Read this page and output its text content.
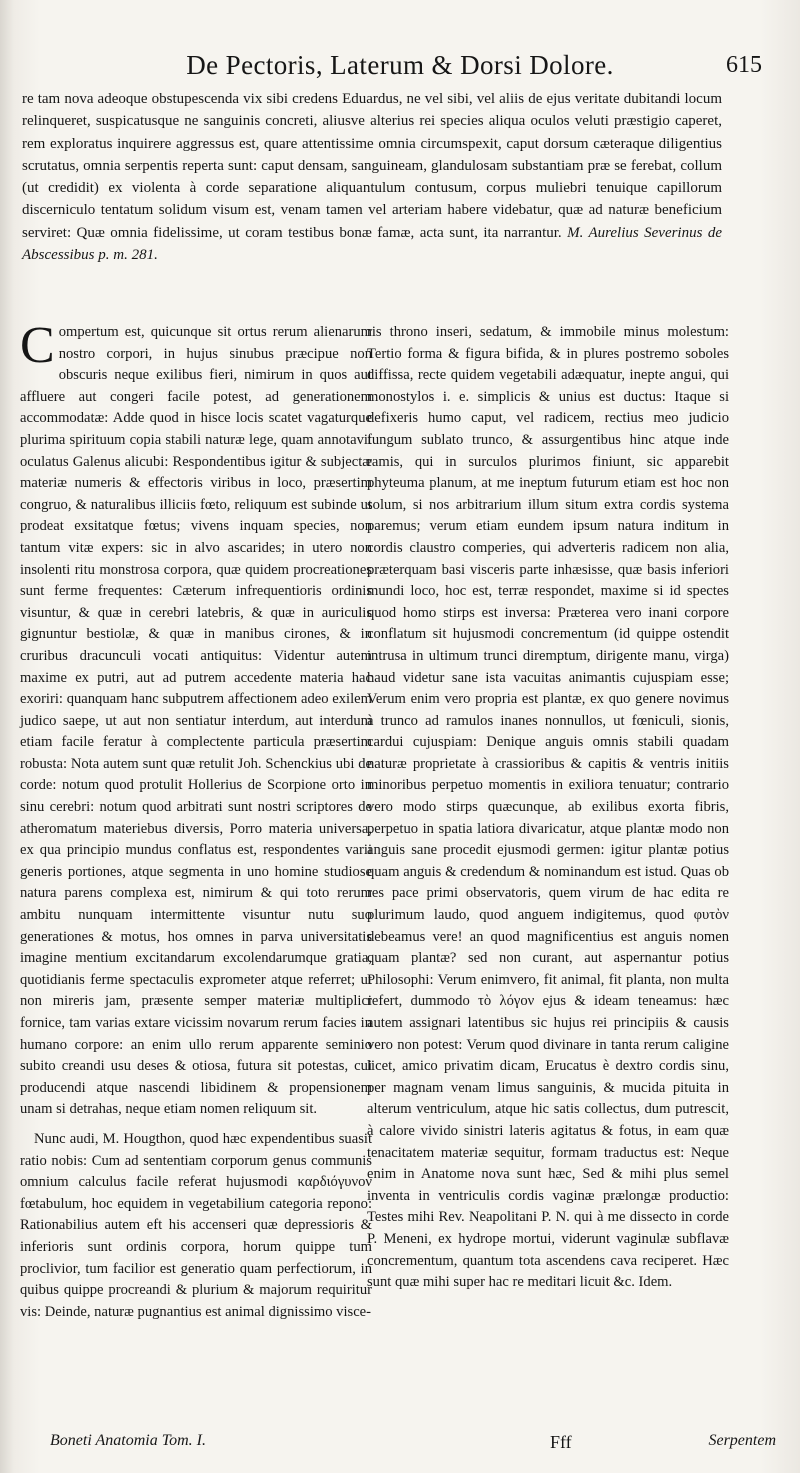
De Pectoris, Laterum & Dorsi Dolore.	615

re tam nova adeoque obstupescenda vix sibi credens Eduardus, ne vel sibi, vel aliis de ejus veritate dubitandi locum relinqueret, suspicatusque ne sanguinis concreti, aliusve alterius rei species aliqua oculos veluti præstigio caperet, rem exploratus inquirere aggressus est, quare attentissime omnia circumspexit, caput dorsum cæteraque diligentius scrutatus, omnia serpentis reperta sunt: caput densam, sanguineam, glandulosam substantiam præ se ferebat, collum (ut credidit) ex violenta à corde separatione aliquantulum contusum, corpus muliebri tenuique capillorum discerniculo tentatum solidum visum est, venam tamen vel arteriam habere videbatur, quæ ad naturæ beneficium serviret: Quæ omnia fidelissime, ut coram testibus bonæ famæ, acta sunt, ita narrantur. M. Aurelius Severinus de Abscessibus p. m. 281.

Compertum est, quicunque sit ortus rerum alienarum nostro corpori, in hujus sinubus præcipue non obscuris neque exilibus fieri, nimirum in quos aut affluere aut congeri facile potest, ad generationem accommodatæ: Adde quod in hisce locis scatet vagaturque plurima spirituum copia stabili naturæ lege, quam annotavit oculatus Galenus alicubi: Respondentibus igitur & subjectæ materiæ numeris & effectoris viribus in loco, præsertim congruo, & naturalibus illiciis fœto, reliquum est subinde ut prodeat exsitatque fœtus; vivens inquam species, non tantum vitæ expers: sic in alvo ascarides; in utero non insolenti ritu monstrosa corpora, quæ quidem procreationes sunt ferme frequentes: Cæterum infrequentioris ordinis visuntur, & quæ in cerebri latebris, & quæ in auriculis gignuntur bestiolæ, & quæ in manibus cirones, & in cruribus dracunculi vocati antiquitus: Videntur autem maxime ex putri, aut ad putrem accedente materia hac exoriri: quanquam hanc subputrem affectionem adeo exilem judico saepe, ut aut non sentiatur interdum, aut interdum etiam facile feratur à complectente particula præsertim robusta: Nota autem sunt quæ retulit Joh. Schenckius ubi de corde: notum quod protulit Hollerius de Scorpione orto in sinu cerebri: notum quod arbitrati sunt nostri scriptores de atheromatum materiebus diversis, Porro materia universa, ex qua principio mundus conflatus est, respondentes varii generis portiones, atque segmenta in uno homine studiose natura parens complexa est, nimirum & qui toto rerum ambitu nunquam intermittente visuntur nutu suo generationes & motus, hos omnes in parva universitatis imagine mentium excitandarum excolendarumque gratia, quotidianis ferme spectaculis exprometer atque referret; ut non mireris jam, præsente semper materiæ multiplici fornice, tam varias extare vicissim novarum rerum facies in humano corpore: an enim ullo rerum apparente seminio subito creandi usu deses & otiosa, futura sit potestas, cui producendi atque nascendi libidinem & propensionem unam si detrahas, neque etiam nomen reliquum sit.

Nunc audi, M. Hougthon, quod hæc expendentibus suasit ratio nobis: Cum ad sententiam corporum genus communis omnium calculus facile referat hujusmodi καρδιόγυνον fœtabulum, hoc equidem in vegetabilium categoria repono: Rationabilius autem eft his accenseri quæ depressioris & inferioris sunt ordinis corpora, horum quippe tum proclivior, tum facilior est generatio quam perfectiorum, in quibus quippe procreandi & plurium & majorum requiritur vis: Deinde, naturæ pugnantius est animal dignissimo visce-

ris throno inseri, sedatum, & immobile minus molestum: Tertio forma & figura bifida, & in plures postremo soboles diffissa, recte quidem vegetabili adæquatur, inepte angui, qui monostylos i. e. simplicis & unius est ductus: Itaque si defixeris humo caput, vel radicem, rectius meo judicio fungum sublato trunco, & assurgentibus hinc atque inde ramis, qui in surculos plurimos finiunt, sic apparebit phyteuma planum, at me ineptum futurum etiam est hoc non solum, si nos arbitrarium illum situm extra cordis systema paremus; verum etiam eundem ipsum natura inditum in cordis claustro comperies, qui adverteris radicem non alia, præterquam basi visceris parte inhæsisse, quæ basis inferiori mundi loco, hoc est, terræ respondet, maxime si id spectes quod homo stirps est inversa: Præterea vero inani corpore conflatum sit hujusmodi concrementum (id quippe ostendit intrusa in ultimum trunci diremptum, dirigente manu, virga) haud videtur sane ista vacuitas animantis cujuspiam esse; Verum enim vero propria est plantæ, ex quo genere novimus à trunco ad ramulos inanes nonnullos, ut fœniculi, sionis, cardui cujuspiam: Denique anguis omnis stabili quadam naturæ proprietate à crassioribus & capitis & ventris initiis minoribus perpetuo momentis in exiliora tenuatur; contrario vero modo stirps quæcunque, ab exilibus exorta fibris, perpetuo in spatia latiora divaricatur, atque plantæ modo non anguis sane procedit ejusmodi germen: igitur plantæ potius quam anguis & credendum & nominandum est istud. Quas ob res pace primi observatoris, quem virum de hac edita re plurimum laudo, quod anguem indigitemus, quod φυτὸν debeamus vere! an quod magnificentius est anguis nomen quam plantæ? sed non curant, aut aspernantur potius Philosophi: Verum enimvero, fit animal, fit planta, non multa refert, dummodo τὸ λόγον ejus & ideam teneamus: hæc autem assignari latentibus sic hujus rei principiis & causis vero non potest: Verum quod divinare in tanta rerum caligine licet, amico privatim dicam, Erucatus è dextro cordis sinu, per magnam venam limus sanguinis, & mucida pituita in alterum ventriculum, atque hic satis collectus, dum putrescit, à calore vivido sinistri lateris agitatus & fotus, in eam quæ tenacitatem materiæ sequitur, formam traductus est: Neque enim in Anatome nova sunt hæc, Sed & mihi plus semel inventa in ventriculis cordis vaginæ prælongæ productio: Testes mihi Rev. Neapolitani P. N. qui à me dissecto in corde P. Meneni, ex hydrope mortui, viderunt vaginulæ subflavæ concrementum, quantum tota ascendens cava reciperet. Hæc sunt quæ mihi super hac re meditari licuit &c. Idem.

Boneti Anatomia Tom. I.	Fff	Serpentem
